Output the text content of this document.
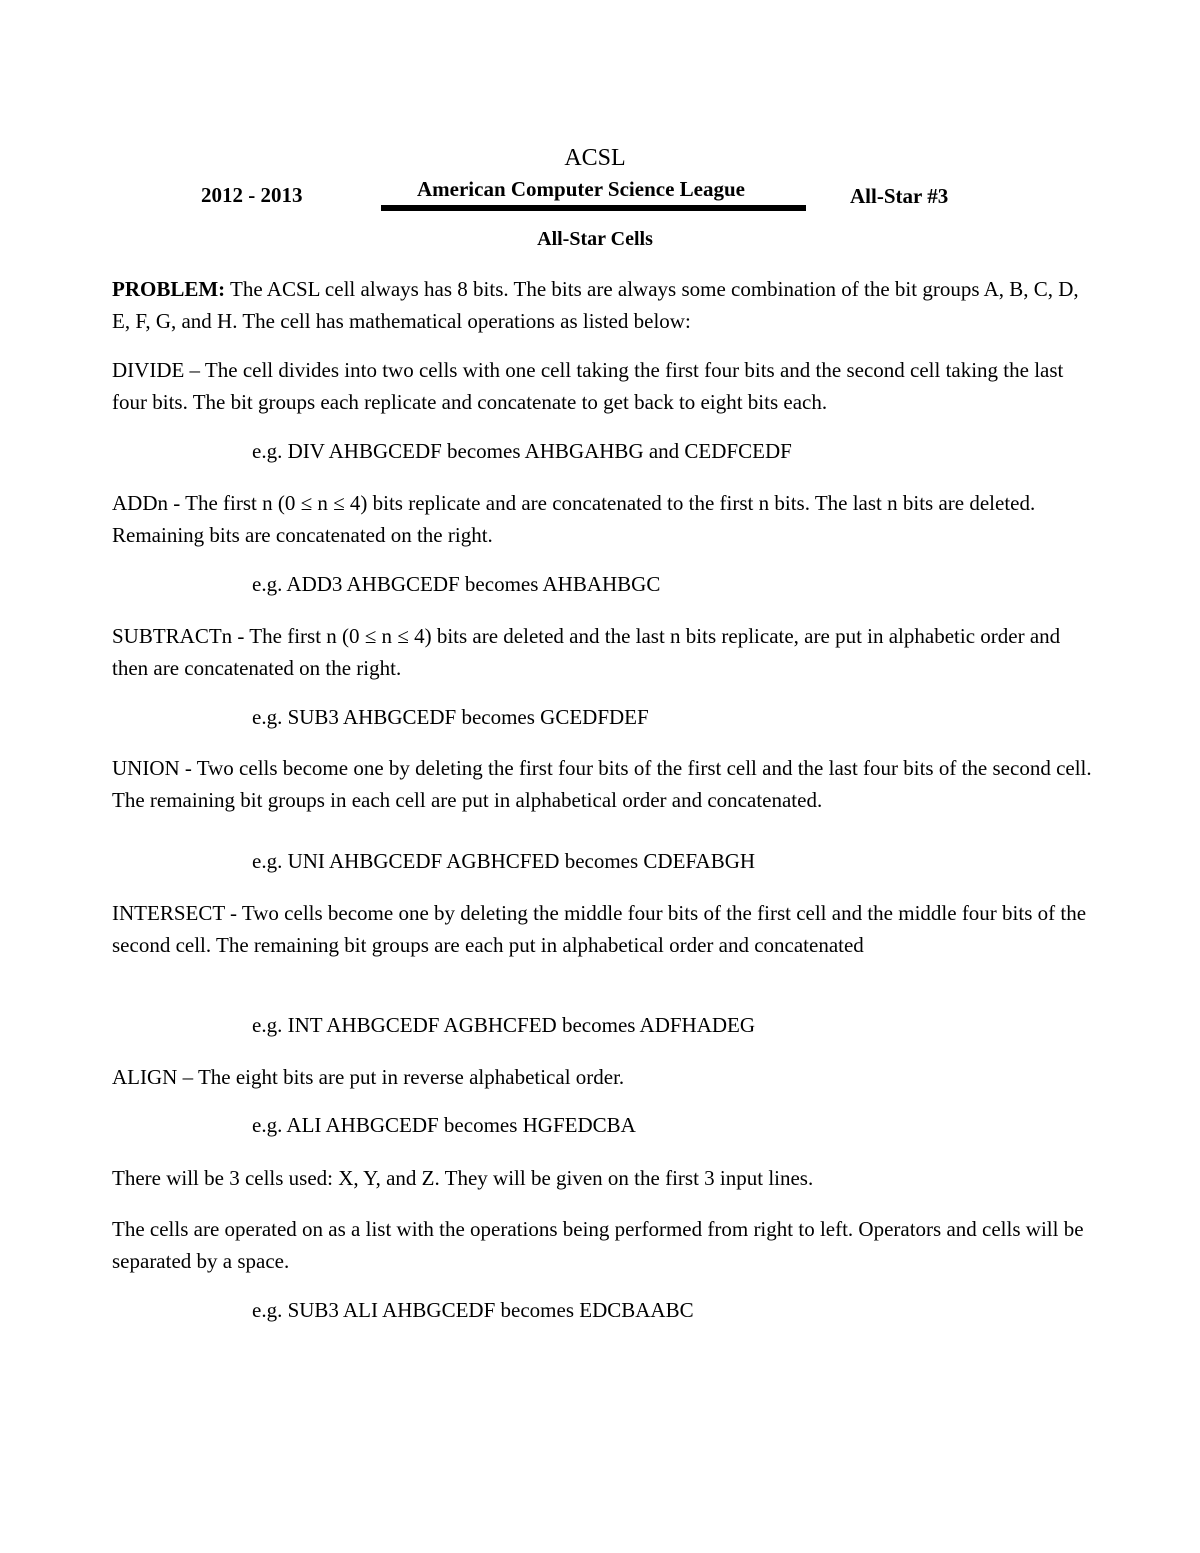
ACSL
2012 - 2013	American Computer Science League	All-Star #3
All-Star Cells
PROBLEM: The ACSL cell always has 8 bits. The bits are always some combination of the bit groups A, B, C, D, E, F, G, and H. The cell has mathematical operations as listed below:
DIVIDE – The cell divides into two cells with one cell taking the first four bits and the second cell taking the last four bits. The bit groups each replicate and concatenate to get back to eight bits each.
e.g. DIV AHBGCEDF becomes AHBGAHBG and CEDFCEDF
ADDn - The first n (0 ≤ n ≤ 4) bits replicate and are concatenated to the first n bits. The last n bits are deleted. Remaining bits are concatenated on the right.
e.g. ADD3 AHBGCEDF becomes AHBAHBGC
SUBTRACTn - The first n (0 ≤ n ≤ 4) bits are deleted and the last n bits replicate, are put in alphabetic order and then are concatenated on the right.
e.g. SUB3 AHBGCEDF becomes GCEDFDEF
UNION - Two cells become one by deleting the first four bits of the first cell and the last four bits of the second cell. The remaining bit groups in each cell are put in alphabetical order and concatenated.
e.g. UNI AHBGCEDF AGBHCFED becomes CDEFABGH
INTERSECT - Two cells become one by deleting the middle four bits of the first cell and the middle four bits of the second cell. The remaining bit groups are each put in alphabetical order and concatenated
e.g. INT AHBGCEDF AGBHCFED becomes ADFHADEG
ALIGN – The eight bits are put in reverse alphabetical order.
e.g. ALI AHBGCEDF becomes HGFEDCBA
There will be 3 cells used: X, Y, and Z. They will be given on the first 3 input lines.
The cells are operated on as a list with the operations being performed from right to left. Operators and cells will be separated by a space.
e.g. SUB3 ALI AHBGCEDF becomes EDCBAABC
